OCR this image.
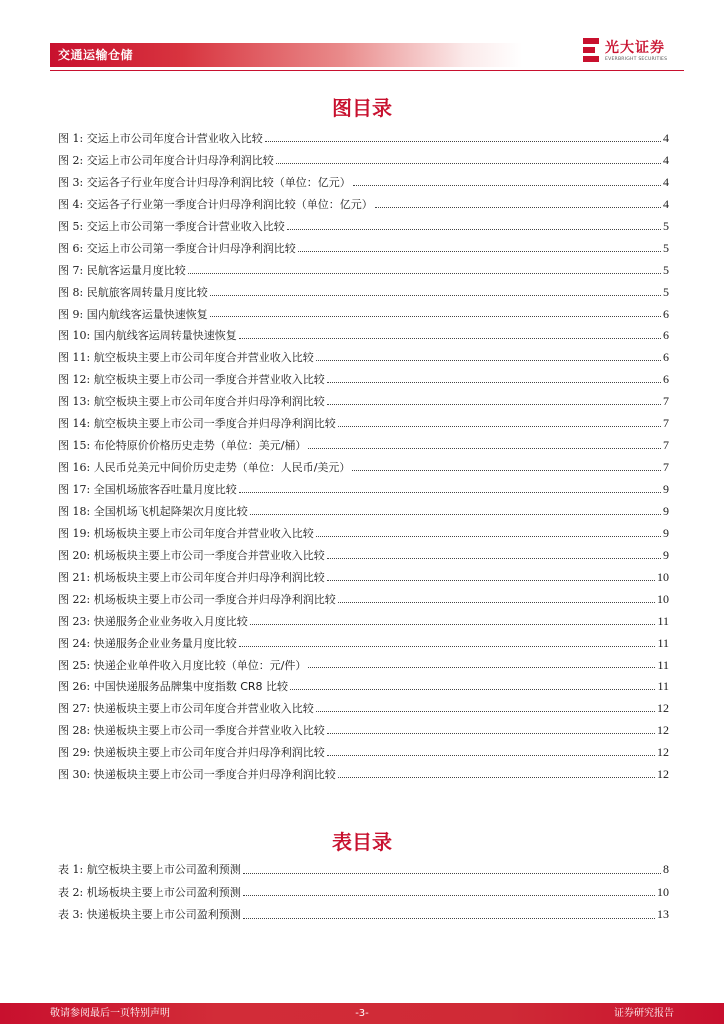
交通运输仓储	光大证券
EVERBRIGHT SECURITIES
图目录
图 1: 交运上市公司年度合计营业收入比较	4
图 2: 交运上市公司年度合计归母净利润比较	4
图 3: 交运各子行业年度合计归母净利润比较（单位：亿元）	4
图 4: 交运各子行业第一季度合计归母净利润比较（单位：亿元）	4
图 5: 交运上市公司第一季度合计营业收入比较	5
图 6: 交运上市公司第一季度合计归母净利润比较	5
图 7: 民航客运量月度比较	5
图 8: 民航旅客周转量月度比较	5
图 9: 国内航线客运量快速恢复	6
图 10: 国内航线客运周转量快速恢复	6
图 11: 航空板块主要上市公司年度合并营业收入比较	6
图 12: 航空板块主要上市公司一季度合并营业收入比较	6
图 13: 航空板块主要上市公司年度合并归母净利润比较	7
图 14: 航空板块主要上市公司一季度合并归母净利润比较	7
图 15: 布伦特原价价格历史走势（单位：美元/桶）	7
图 16: 人民币兑美元中间价历史走势（单位：人民币/美元）	7
图 17: 全国机场旅客吞吐量月度比较	9
图 18: 全国机场飞机起降架次月度比较	9
图 19: 机场板块主要上市公司年度合并营业收入比较	9
图 20: 机场板块主要上市公司一季度合并营业收入比较	9
图 21: 机场板块主要上市公司年度合并归母净利润比较	10
图 22: 机场板块主要上市公司一季度合并归母净利润比较	10
图 23: 快递服务企业业务收入月度比较	11
图 24: 快递服务企业业务量月度比较	11
图 25: 快递企业单件收入月度比较（单位：元/件）	11
图 26: 中国快递服务品牌集中度指数 CR8 比较	11
图 27: 快递板块主要上市公司年度合并营业收入比较	12
图 28: 快递板块主要上市公司一季度合并营业收入比较	12
图 29: 快递板块主要上市公司年度合并归母净利润比较	12
图 30: 快递板块主要上市公司一季度合并归母净利润比较	12
表目录
表 1: 航空板块主要上市公司盈利预测	8
表 2: 机场板块主要上市公司盈利预测	10
表 3: 快递板块主要上市公司盈利预测	13
敬请参阅最后一页特别声明	-3-	证券研究报告
